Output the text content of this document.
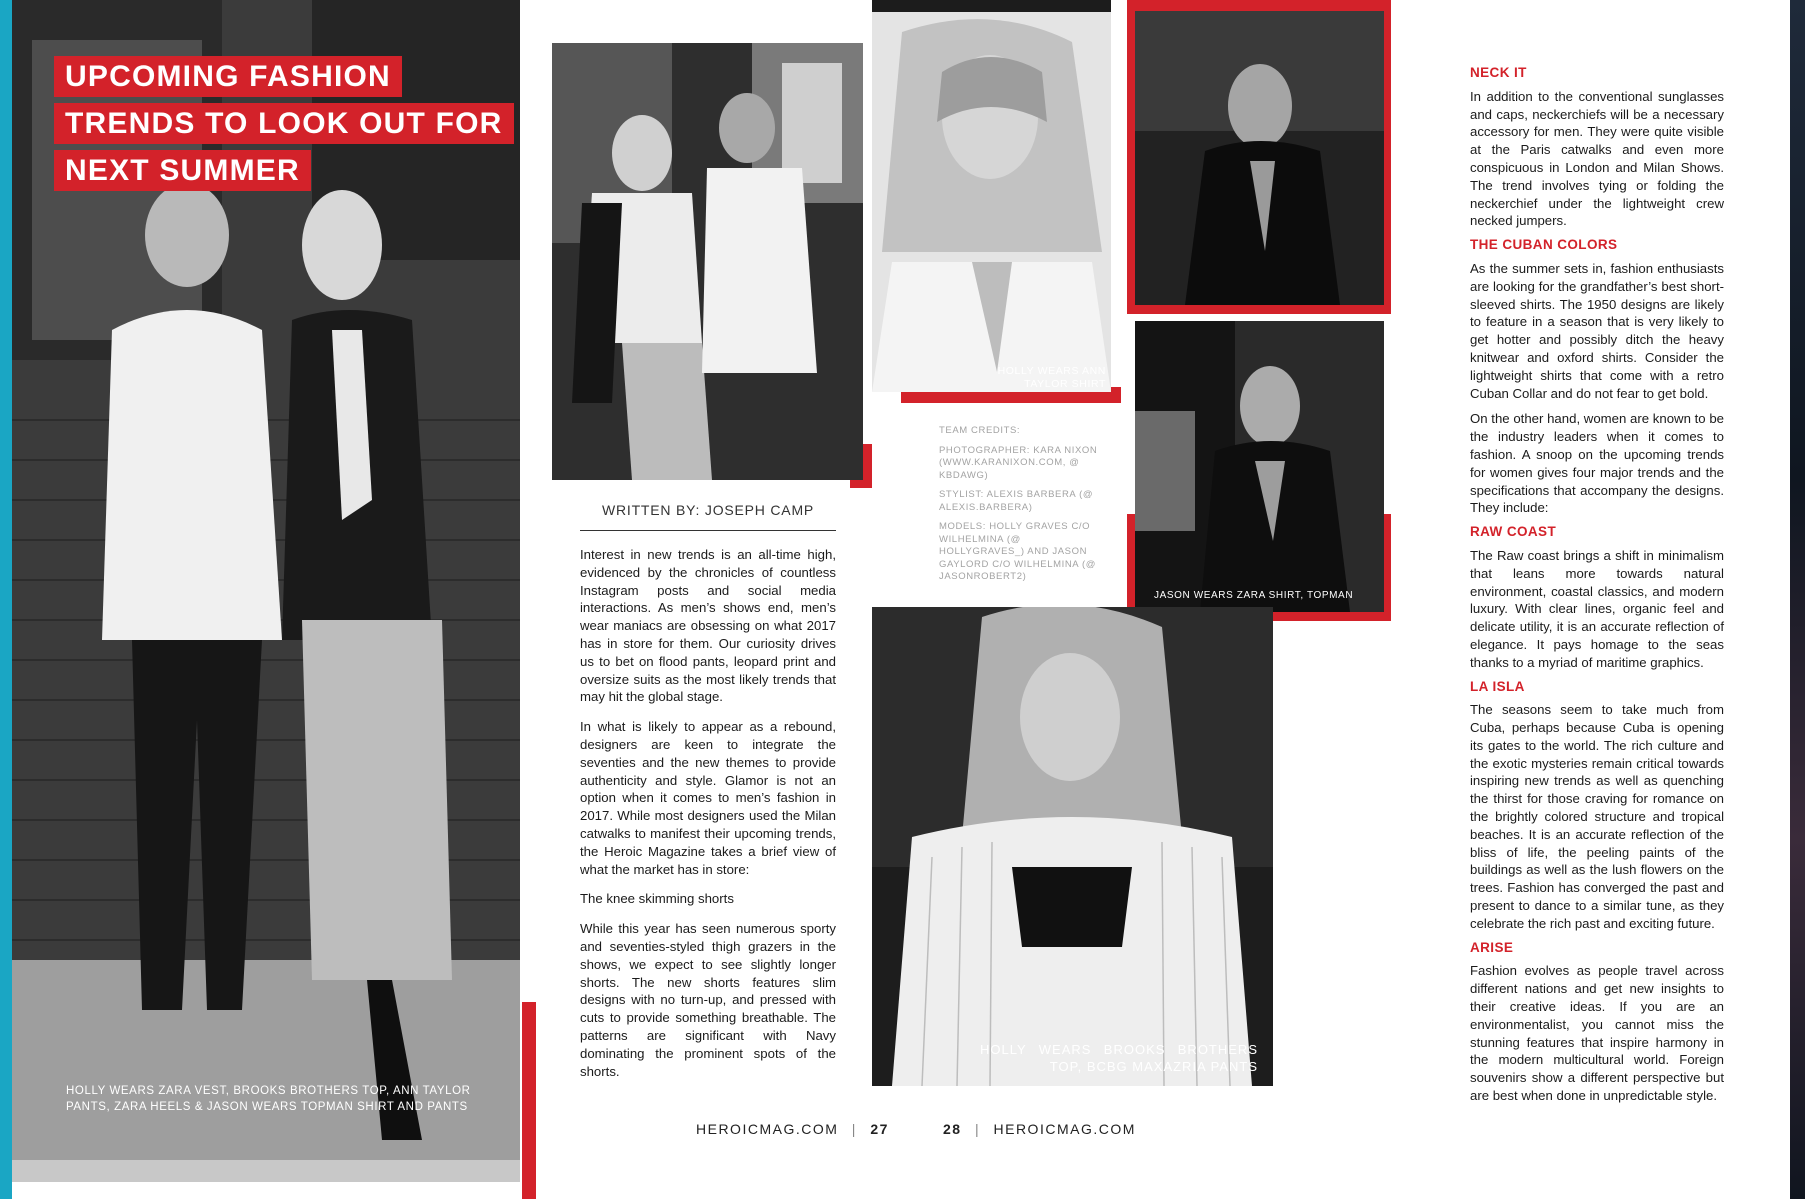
UPCOMING FASHION
TRENDS TO LOOK OUT FOR
NEXT SUMMER
HOLLY WEARS ZARA VEST, BROOKS BROTHERS TOP, ANN TAYLOR PANTS, ZARA HEELS & JASON WEARS TOPMAN SHIRT AND PANTS
WRITTEN BY: JOSEPH CAMP

Interest in new trends is an all-time high, evidenced by the chronicles of countless Instagram posts and social media interactions. As men’s shows end, men’s wear maniacs are obsessing on what 2017 has in store for them. Our curiosity drives us to bet on flood pants, leopard print and oversize suits as the most likely trends that may hit the global stage.

In what is likely to appear as a rebound, designers are keen to integrate the seventies and the new themes to provide authenticity and style. Glamor is not an option when it comes to men’s fashion in 2017. While most designers used the Milan catwalks to manifest their upcoming trends, the Heroic Magazine takes a brief view of what the market has in store:

The knee skimming shorts

While this year has seen numerous sporty and seventies-styled thigh grazers in the shows, we expect to see slightly longer shorts. The new shorts features slim designs with no turn-up, and pressed with cuts to provide something breathable. The patterns are significant with Navy dominating the prominent spots of the shorts.

HEROICMAG.COM | 27
HOLLY WEARS ANN
TAYLOR SHIRT
TEAM CREDITS:
PHOTOGRAPHER: KARA NIXON (WWW.KARANIXON.COM, @ KBDAWG)
STYLIST: ALEXIS BARBERA (@ ALEXIS.BARBERA)
MODELS: HOLLY GRAVES C/O WILHELMINA (@ HOLLYGRAVES_) AND JASON GAYLORD C/O WILHELMINA (@ JASONROBERT2)
JASON WEARS ZARA SHIRT, TOPMAN
HOLLY WEARS BROOKS BROTHERS
TOP, BCBG MAXAZRIA PANTS
28 | HEROICMAG.COM
NECK IT

In addition to the conventional sunglasses and caps, neckerchiefs will be a necessary accessory for men. They were quite visible at the Paris catwalks and even more conspicuous in London and Milan Shows. The trend involves tying or folding the neckerchief under the lightweight crew necked jumpers.

THE CUBAN COLORS

As the summer sets in, fashion enthusiasts are looking for the grandfather’s best short-sleeved shirts. The 1950 designs are likely to feature in a season that is very likely to get hotter and possibly ditch the heavy knitwear and oxford shirts. Consider the lightweight shirts that come with a retro Cuban Collar and do not fear to get bold.

On the other hand, women are known to be the industry leaders when it comes to fashion. A snoop on the upcoming trends for women gives four major trends and the specifications that accompany the designs. They include:

RAW COAST

The Raw coast brings a shift in minimalism that leans more towards natural environment, coastal classics, and modern luxury. With clear lines, organic feel and delicate utility, it is an accurate reflection of elegance. It pays homage to the seas thanks to a myriad of maritime graphics.

LA ISLA

The seasons seem to take much from Cuba, perhaps because Cuba is opening its gates to the world. The rich culture and the exotic mysteries remain critical towards inspiring new trends as well as quenching the thirst for those craving for romance on the brightly colored structure and tropical beaches. It is an accurate reflection of the bliss of life, the peeling paints of the buildings as well as the lush flowers on the trees. Fashion has converged the past and present to dance to a similar tune, as they celebrate the rich past and exciting future.

ARISE

Fashion evolves as people travel across different nations and get new insights to their creative ideas. If you are an environmentalist, you cannot miss the stunning features that inspire harmony in the modern multicultural world. Foreign souvenirs show a different perspective but are best when done in unpredictable style.
